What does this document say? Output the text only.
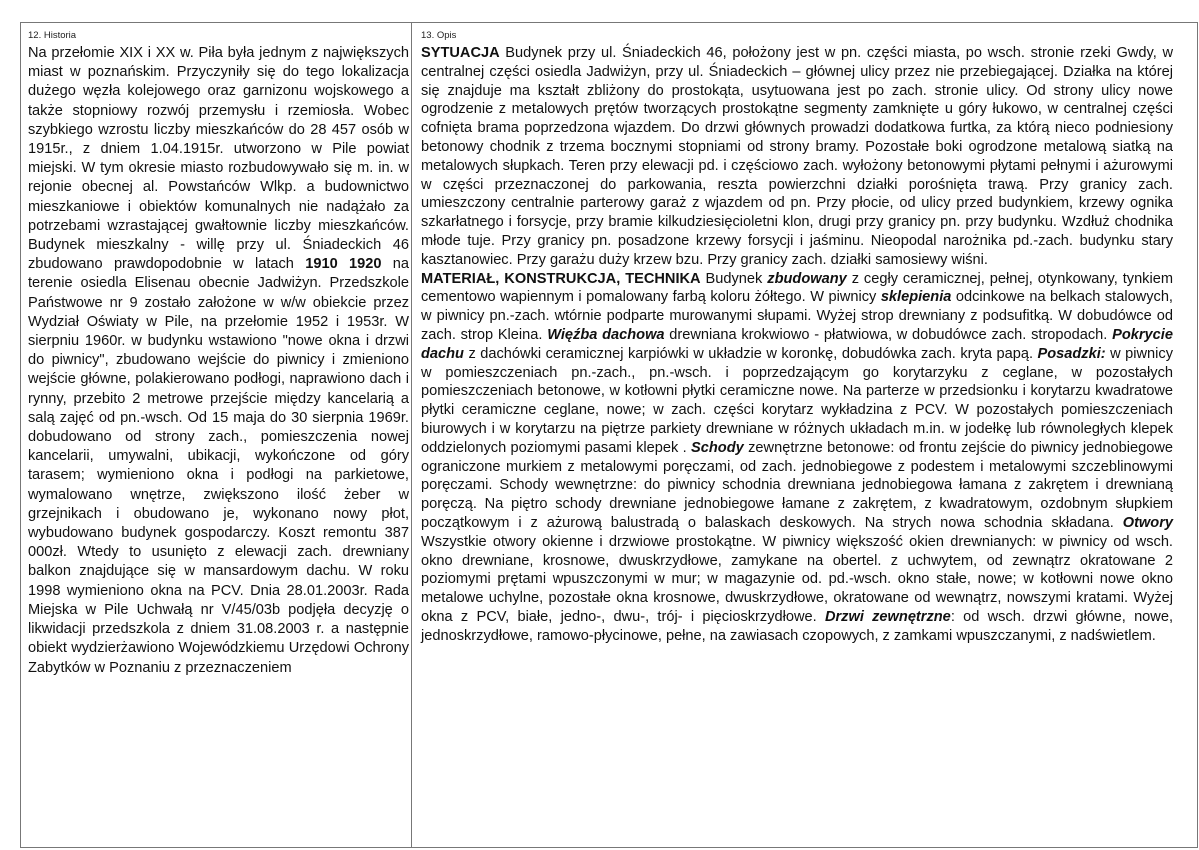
12. Historia

Na przełomie XIX i XX w. Piła była jednym z największych miast w poznańskim. Przyczyniły się do tego lokalizacja dużego węzła kolejowego oraz garnizonu wojskowego a także stopniowy rozwój przemysłu i rzemiosła. Wobec szybkiego wzrostu liczby mieszkańców do 28 457 osób w 1915r., z dniem 1.04.1915r. utworzono w Pile powiat miejski. W tym okresie miasto rozbudowywało się m. in. w rejonie obecnej al. Powstańców Wlkp. a budownictwo mieszkaniowe i obiektów komunalnych nie nadążało za potrzebami wzrastającej gwałtownie liczby mieszkańców. Budynek mieszkalny - willę przy ul. Śniadeckich 46 zbudowano prawdopodobnie w latach 1910 1920 na terenie osiedla Elisenau obecnie Jadwiżyn. Przedszkole Państwowe nr 9 zostało założone w w/w obiekcie przez Wydział Oświaty w Pile, na przełomie 1952 i 1953r. W sierpniu 1960r. w budynku wstawiono "nowe okna i drzwi do piwnicy", zbudowano wejście do piwnicy i zmieniono wejście główne, polakierowano podłogi, naprawiono dach i rynny, przebito 2 metrowe przejście między kancelarią a salą zajęć od pn.-wsch. Od 15 maja do 30 sierpnia 1969r. dobudowano od strony zach., pomieszczenia nowej kancelarii, umywalni, ubikacji, wykończone od góry tarasem; wymieniono okna i podłogi na parkietowe, wymalowano wnętrze, zwiększono ilość żeber w grzejnikach i obudowano je, wykonano nowy płot, wybudowano budynek gospodarczy. Koszt remontu 387 000zł. Wtedy to usunięto z elewacji zach. drewniany balkon znajdujące się w mansardowym dachu. W roku 1998 wymieniono okna na PCV. Dnia 28.01.2003r. Rada Miejska w Pile Uchwałą nr V/45/03b podjęła decyzję o likwidacji przedszkola z dniem 31.08.2003 r. a następnie obiekt wydzierżawiono Wojewódzkiemu Urzędowi Ochrony Zabytków w Poznaniu z przeznaczeniem

13. Opis

SYTUACJA Budynek przy ul. Śniadeckich 46, położony jest w pn. części miasta, po wsch. stronie rzeki Gwdy, w centralnej części osiedla Jadwiżyn, przy ul. Śniadeckich – głównej ulicy przez nie przebiegającej. Działka na której się znajduje ma kształt zbliżony do prostokąta, usytuowana jest po zach. stronie ulicy. Od strony ulicy nowe ogrodzenie z metalowych prętów tworzących prostokątne segmenty zamknięte u góry łukowo, w centralnej części cofnięta brama poprzedzona wjazdem. Do drzwi głównych prowadzi dodatkowa furtka, za którą nieco podniesiony betonowy chodnik z trzema bocznymi stopniami od strony bramy. Pozostałe boki ogrodzone metalową siatką na metalowych słupkach. Teren przy elewacji pd. i częściowo zach. wyłożony betonowymi płytami pełnymi i ażurowymi w części przeznaczonej do parkowania, reszta powierzchni działki porośnięta trawą. Przy granicy zach. umieszczony centralnie parterowy garaż z wjazdem od pn. Przy płocie, od ulicy przed budynkiem, krzewy ognika szkarłatnego i forsycje, przy bramie kilkudziesięcioletni klon, drugi przy granicy pn. przy budynku. Wzdłuż chodnika młode tuje. Przy granicy pn. posadzone krzewy forsycji i jaśminu. Nieopodal narożnika pd.-zach. budynku stary kasztanowiec. Przy garażu duży krzew bzu. Przy granicy zach. działki samosiewy wiśni.

MATERIAŁ, KONSTRUKCJA, TECHNIKA Budynek zbudowany z cegły ceramicznej, pełnej, otynkowany, tynkiem cementowo wapiennym i pomalowany farbą koloru żółtego. W piwnicy sklepienia odcinkowe na belkach stalowych, w piwnicy pn.-zach. wtórnie podparte murowanymi słupami. Wyżej strop drewniany z podsufitką. W dobudówce od zach. strop Kleina. Więźba dachowa drewniana krokwiowo - płatwiowa, w dobudówce zach. stropodach. Pokrycie dachu z dachówki ceramicznej karpiówki w układzie w koronkę, dobudówka zach. kryta papą. Posadzki: w piwnicy w pomieszczeniach pn.-zach., pn.-wsch. i poprzedzającym go korytarzyku z ceglane, w pozostałych pomieszczeniach betonowe, w kotłowni płytki ceramiczne nowe. Na parterze w przedsionku i korytarzu kwadratowe płytki ceramiczne ceglane, nowe; w zach. części korytarz wykładzina z PCV. W pozostałych pomieszczeniach biurowych i w korytarzu na piętrze parkiety drewniane w różnych układach m.in. w jodełkę lub równoległych klepek oddzielonych poziomymi pasami klepek . Schody zewnętrzne betonowe: od frontu zejście do piwnicy jednobiegowe ograniczone murkiem z metalowymi poręczami, od zach. jednobiegowe z podestem i metalowymi szczeblinowymi poręczami. Schody wewnętrzne: do piwnicy schodnia drewniana jednobiegowa łamana z zakrętem i drewnianą poręczą. Na piętro schody drewniane jednobiegowe łamane z zakrętem, z kwadratowym, ozdobnym słupkiem początkowym i z ażurową balustradą o balaskach deskowych. Na strych nowa schodnia składana. Otwory Wszystkie otwory okienne i drzwiowe prostokątne. W piwnicy większość okien drewnianych: w piwnicy od wsch. okno drewniane, krosnowe, dwuskrzydłowe, zamykane na obertel. z uchwytem, od zewnątrz okratowane 2 poziomymi prętami wpuszczonymi w mur; w magazynie od. pd.-wsch. okno stałe, nowe; w kotłowni nowe okno metalowe uchylne, pozostałe okna krosnowe, dwuskrzydłowe, okratowane od wewnątrz, nowszymi kratami. Wyżej okna z PCV, białe, jedno-, dwu-, trój- i pięcioskrzydłowe. Drzwi zewnętrzne: od wsch. drzwi główne, nowe, jednoskrzydłowe, ramowo-płycinowe, pełne, na zawiasach czopowych, z zamkami wpuszczanymi, z nadświetlem.
